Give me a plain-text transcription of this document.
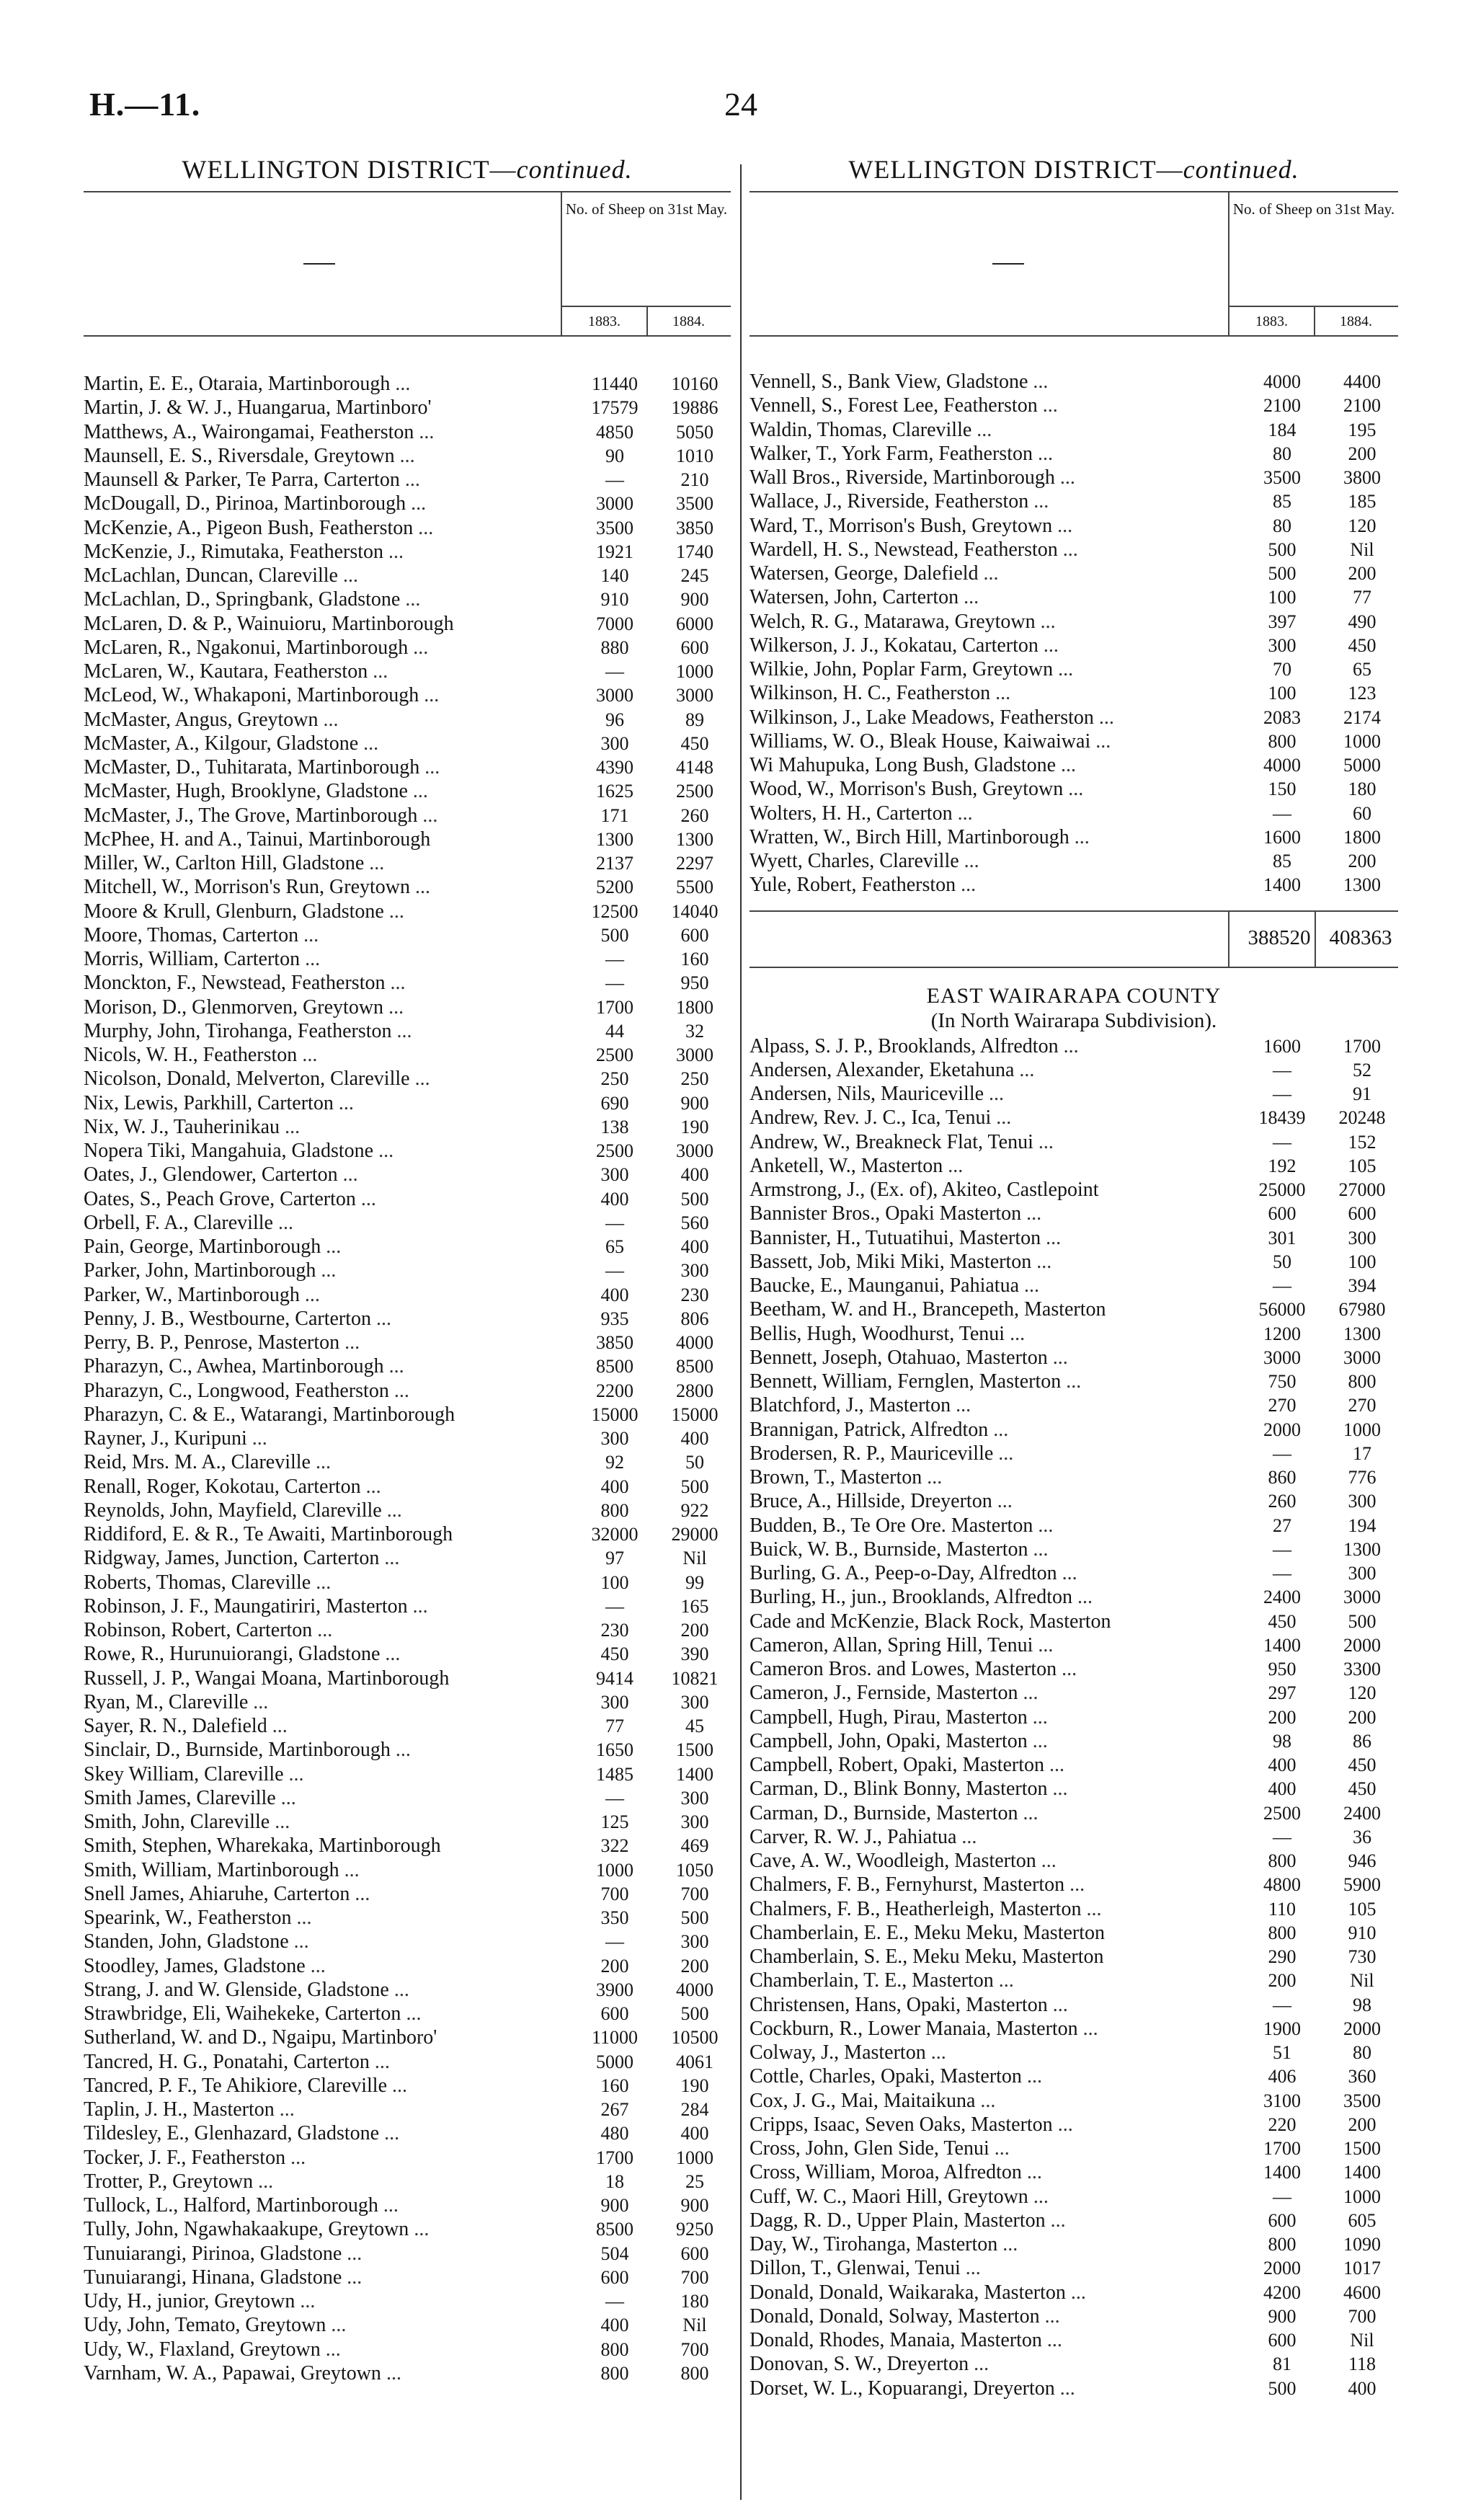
H.—11.	24
WELLINGTON DISTRICT—continued.
No. of Sheep on 31st May.
1883.	1884.
Martin, E. E., Otaraia, Martinborough ...	11440	10160
Martin, J. & W. J., Huangarua, Martinboro'	17579	19886
Matthews, A., Wairongamai, Featherston ...	4850	5050
Maunsell, E. S., Riversdale, Greytown ...	90	1010
Maunsell & Parker, Te Parra, Carterton ...	—	210
McDougall, D., Pirinoa, Martinborough ...	3000	3500
McKenzie, A., Pigeon Bush, Featherston ...	3500	3850
McKenzie, J., Rimutaka, Featherston ...	1921	1740
McLachlan, Duncan, Clareville ...	140	245
McLachlan, D., Springbank, Gladstone ...	910	900
McLaren, D. & P., Wainuioru, Martinborough	7000	6000
McLaren, R., Ngakonui, Martinborough ...	880	600
McLaren, W., Kautara, Featherston ...	—	1000
McLeod, W., Whakaponi, Martinborough ...	3000	3000
McMaster, Angus, Greytown ...	96	89
McMaster, A., Kilgour, Gladstone ...	300	450
McMaster, D., Tuhitarata, Martinborough ...	4390	4148
McMaster, Hugh, Brooklyne, Gladstone ...	1625	2500
McMaster, J., The Grove, Martinborough ...	171	260
McPhee, H. and A., Tainui, Martinborough	1300	1300
Miller, W., Carlton Hill, Gladstone ...	2137	2297
Mitchell, W., Morrison's Run, Greytown ...	5200	5500
Moore & Krull, Glenburn, Gladstone ...	12500	14040
Moore, Thomas, Carterton ...	500	600
Morris, William, Carterton ...	—	160
Monckton, F., Newstead, Featherston ...	—	950
Morison, D., Glenmorven, Greytown ...	1700	1800
Murphy, John, Tirohanga, Featherston ...	44	32
Nicols, W. H., Featherston ...	2500	3000
Nicolson, Donald, Melverton, Clareville ...	250	250
Nix, Lewis, Parkhill, Carterton ...	690	900
Nix, W. J., Tauherinikau ...	138	190
Nopera Tiki, Mangahuia, Gladstone ...	2500	3000
Oates, J., Glendower, Carterton ...	300	400
Oates, S., Peach Grove, Carterton ...	400	500
Orbell, F. A., Clareville ...	—	560
Pain, George, Martinborough ...	65	400
Parker, John, Martinborough ...	—	300
Parker, W., Martinborough ...	400	230
Penny, J. B., Westbourne, Carterton ...	935	806
Perry, B. P., Penrose, Masterton ...	3850	4000
Pharazyn, C., Awhea, Martinborough ...	8500	8500
Pharazyn, C., Longwood, Featherston ...	2200	2800
Pharazyn, C. & E., Watarangi, Martinborough	15000	15000
Rayner, J., Kuripuni ...	300	400
Reid, Mrs. M. A., Clareville ...	92	50
Renall, Roger, Kokotau, Carterton ...	400	500
Reynolds, John, Mayfield, Clareville ...	800	922
Riddiford, E. & R., Te Awaiti, Martinborough	32000	29000
Ridgway, James, Junction, Carterton ...	97	Nil
Roberts, Thomas, Clareville ...	100	99
Robinson, J. F., Maungatiriri, Masterton ...	—	165
Robinson, Robert, Carterton ...	230	200
Rowe, R., Hurunuiorangi, Gladstone ...	450	390
Russell, J. P., Wangai Moana, Martinborough	9414	10821
Ryan, M., Clareville ...	300	300
Sayer, R. N., Dalefield ...	77	45
Sinclair, D., Burnside, Martinborough ...	1650	1500
Skey William, Clareville ...	1485	1400
Smith James, Clareville ...	—	300
Smith, John, Clareville ...	125	300
Smith, Stephen, Wharekaka, Martinborough	322	469
Smith, William, Martinborough ...	1000	1050
Snell James, Ahiaruhe, Carterton ...	700	700
Spearink, W., Featherston ...	350	500
Standen, John, Gladstone ...	—	300
Stoodley, James, Gladstone ...	200	200
Strang, J. and W. Glenside, Gladstone ...	3900	4000
Strawbridge, Eli, Waihekeke, Carterton ...	600	500
Sutherland, W. and D., Ngaipu, Martinboro'	11000	10500
Tancred, H. G., Ponatahi, Carterton ...	5000	4061
Tancred, P. F., Te Ahikiore, Clareville ...	160	190
Taplin, J. H., Masterton ...	267	284
Tildesley, E., Glenhazard, Gladstone ...	480	400
Tocker, J. F., Featherston ...	1700	1000
Trotter, P., Greytown ...	18	25
Tullock, L., Halford, Martinborough ...	900	900
Tully, John, Ngawhakaakupe, Greytown ...	8500	9250
Tunuiarangi, Pirinoa, Gladstone ...	504	600
Tunuiarangi, Hinana, Gladstone ...	600	700
Udy, H., junior, Greytown ...	—	180
Udy, John, Temato, Greytown ...	400	Nil
Udy, W., Flaxland, Greytown ...	800	700
Varnham, W. A., Papawai, Greytown ...	800	800
WELLINGTON DISTRICT—continued.
No. of Sheep on 31st May.
1883.	1884.
Vennell, S., Bank View, Gladstone ...	4000	4400
Vennell, S., Forest Lee, Featherston ...	2100	2100
Waldin, Thomas, Clareville ...	184	195
Walker, T., York Farm, Featherston ...	80	200
Wall Bros., Riverside, Martinborough ...	3500	3800
Wallace, J., Riverside, Featherston ...	85	185
Ward, T., Morrison's Bush, Greytown ...	80	120
Wardell, H. S., Newstead, Featherston ...	500	Nil
Watersen, George, Dalefield ...	500	200
Watersen, John, Carterton ...	100	77
Welch, R. G., Matarawa, Greytown ...	397	490
Wilkerson, J. J., Kokatau, Carterton ...	300	450
Wilkie, John, Poplar Farm, Greytown ...	70	65
Wilkinson, H. C., Featherston ...	100	123
Wilkinson, J., Lake Meadows, Featherston ...	2083	2174
Williams, W. O., Bleak House, Kaiwaiwai ...	800	1000
Wi Mahupuka, Long Bush, Gladstone ...	4000	5000
Wood, W., Morrison's Bush, Greytown ...	150	180
Wolters, H. H., Carterton ...	—	60
Wratten, W., Birch Hill, Martinborough ...	1600	1800
Wyett, Charles, Clareville ...	85	200
Yule, Robert, Featherston ...	1400	1300
388520 408363
EAST WAIRARAPA COUNTY
(In North Wairarapa Subdivision).
Alpass, S. J. P., Brooklands, Alfredton ...	1600	1700
Andersen, Alexander, Eketahuna ...	—	52
Andersen, Nils, Mauriceville ...	—	91
Andrew, Rev. J. C., Ica, Tenui ...	18439	20248
Andrew, W., Breakneck Flat, Tenui ...	—	152
Anketell, W., Masterton ...	192	105
Armstrong, J., (Ex. of), Akiteo, Castlepoint	25000	27000
Bannister Bros., Opaki Masterton ...	600	600
Bannister, H., Tutuatihui, Masterton ...	301	300
Bassett, Job, Miki Miki, Masterton ...	50	100
Baucke, E., Maunganui, Pahiatua ...	—	394
Beetham, W. and H., Brancepeth, Masterton	56000	67980
Bellis, Hugh, Woodhurst, Tenui ...	1200	1300
Bennett, Joseph, Otahuao, Masterton ...	3000	3000
Bennett, William, Fernglen, Masterton ...	750	800
Blatchford, J., Masterton ...	270	270
Brannigan, Patrick, Alfredton ...	2000	1000
Brodersen, R. P., Mauriceville ...	—	17
Brown, T., Masterton ...	860	776
Bruce, A., Hillside, Dreyerton ...	260	300
Budden, B., Te Ore Ore. Masterton ...	27	194
Buick, W. B., Burnside, Masterton ...	—	1300
Burling, G. A., Peep-o-Day, Alfredton ...	—	300
Burling, H., jun., Brooklands, Alfredton ...	2400	3000
Cade and McKenzie, Black Rock, Masterton	450	500
Cameron, Allan, Spring Hill, Tenui ...	1400	2000
Cameron Bros. and Lowes, Masterton ...	950	3300
Cameron, J., Fernside, Masterton ...	297	120
Campbell, Hugh, Pirau, Masterton ...	200	200
Campbell, John, Opaki, Masterton ...	98	86
Campbell, Robert, Opaki, Masterton ...	400	450
Carman, D., Blink Bonny, Masterton ...	400	450
Carman, D., Burnside, Masterton ...	2500	2400
Carver, R. W. J., Pahiatua ...	—	36
Cave, A. W., Woodleigh, Masterton ...	800	946
Chalmers, F. B., Fernyhurst, Masterton ...	4800	5900
Chalmers, F. B., Heatherleigh, Masterton ...	110	105
Chamberlain, E. E., Meku Meku, Masterton	800	910
Chamberlain, S. E., Meku Meku, Masterton	290	730
Chamberlain, T. E., Masterton ...	200	Nil
Christensen, Hans, Opaki, Masterton ...	—	98
Cockburn, R., Lower Manaia, Masterton ...	1900	2000
Colway, J., Masterton ...	51	80
Cottle, Charles, Opaki, Masterton ...	406	360
Cox, J. G., Mai, Maitaikuna ...	3100	3500
Cripps, Isaac, Seven Oaks, Masterton ...	220	200
Cross, John, Glen Side, Tenui ...	1700	1500
Cross, William, Moroa, Alfredton ...	1400	1400
Cuff, W. C., Maori Hill, Greytown ...	—	1000
Dagg, R. D., Upper Plain, Masterton ...	600	605
Day, W., Tirohanga, Masterton ...	800	1090
Dillon, T., Glenwai, Tenui ...	2000	1017
Donald, Donald, Waikaraka, Masterton ...	4200	4600
Donald, Donald, Solway, Masterton ...	900	700
Donald, Rhodes, Manaia, Masterton ...	600	Nil
Donovan, S. W., Dreyerton ...	81	118
Dorset, W. L., Kopuarangi, Dreyerton ...	500	400
